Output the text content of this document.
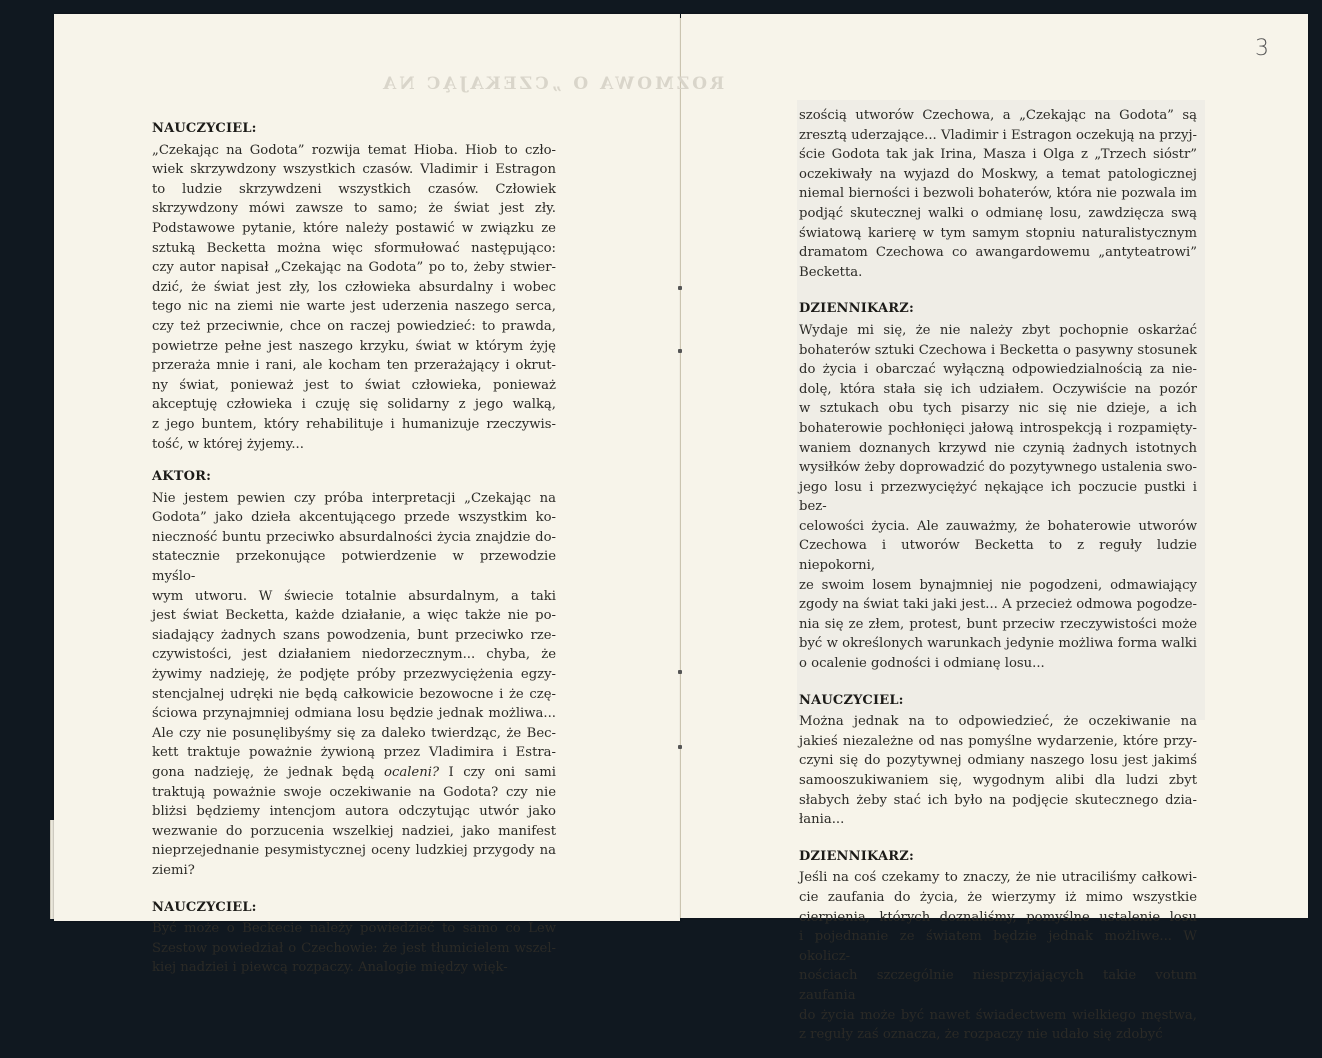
ROZMOWA O „CZEKAJĄC NA
3

NAUCZYCIEL:

„Czekając na Godota” rozwija temat Hioba. Hiob to czło-
wiek skrzywdzony wszystkich czasów. Vladimir i Estragon
to ludzie skrzywdzeni wszystkich czasów. Człowiek
skrzywdzony mówi zawsze to samo; że świat jest zły.
Podstawowe pytanie, które należy postawić w związku ze
sztuką Becketta można więc sformułować następująco:
czy autor napisał „Czekając na Godota” po to, żeby stwier-
dzić, że świat jest zły, los człowieka absurdalny i wobec
tego nic na ziemi nie warte jest uderzenia naszego serca,
czy też przeciwnie, chce on raczej powiedzieć: to prawda,
powietrze pełne jest naszego krzyku, świat w którym żyję
przeraża mnie i rani, ale kocham ten przerażający i okrut-
ny świat, ponieważ jest to świat człowieka, ponieważ
akceptuję człowieka i czuję się solidarny z jego walką,
z jego buntem, który rehabilituje i humanizuje rzeczywis-
tość, w której żyjemy...

AKTOR:

Nie jestem pewien czy próba interpretacji „Czekając na
Godota” jako dzieła akcentującego przede wszystkim ko-
nieczność buntu przeciwko absurdalności życia znajdzie do-
statecznie przekonujące potwierdzenie w przewodzie myślo-
wym utworu. W świecie totalnie absurdalnym, a taki
jest świat Becketta, każde działanie, a więc także nie po-
siadający żadnych szans powodzenia, bunt przeciwko rze-
czywistości, jest działaniem niedorzecznym... chyba, że
żywimy nadzieję, że podjęte próby przezwyciężenia egzy-
stencjalnej udręki nie będą całkowicie bezowocne i że czę-
ściowa przynajmniej odmiana losu będzie jednak możliwa...
Ale czy nie posunęlibyśmy się za daleko twierdząc, że Bec-
kett traktuje poważnie żywioną przez Vladimira i Estra-
gona nadzieję, że jednak będą ocaleni? I czy oni sami
traktują poważnie swoje oczekiwanie na Godota? czy nie
bliżsi będziemy intencjom autora odczytując utwór jako
wezwanie do porzucenia wszelkiej nadziei, jako manifest
nieprzejednanie pesymistycznej oceny ludzkiej przygody na
ziemi?

NAUCZYCIEL:

Być może o Beckecie należy powiedzieć to samo co Lew
Szestow powiedział o Czechowie: że jest tłumicielem wszel-
kiej nadziei i piewcą rozpaczy. Analogie między więk-
szością utworów Czechowa, a „Czekając na Godota” są
zresztą uderzające... Vladimir i Estragon oczekują na przyj-
ście Godota tak jak Irina, Masza i Olga z „Trzech sióstr”
oczekiwały na wyjazd do Moskwy, a temat patologicznej
niemal bierności i bezwoli bohaterów, która nie pozwala im
podjąć skutecznej walki o odmianę losu, zawdzięcza swą
światową karierę w tym samym stopniu naturalistycznym
dramatom Czechowa co awangardowemu „antyteatrowi”
Becketta.

DZIENNIKARZ:

Wydaje mi się, że nie należy zbyt pochopnie oskarżać
bohaterów sztuki Czechowa i Becketta o pasywny stosunek
do życia i obarczać wyłączną odpowiedzialnością za nie-
dolę, która stała się ich udziałem. Oczywiście na pozór
w sztukach obu tych pisarzy nic się nie dzieje, a ich
bohaterowie pochłonięci jałową introspekcją i rozpamięty-
waniem doznanych krzywd nie czynią żadnych istotnych
wysiłków żeby doprowadzić do pozytywnego ustalenia swo-
jego losu i przezwyciężyć nękające ich poczucie pustki i bez-
celowości życia. Ale zauważmy, że bohaterowie utworów
Czechowa i utworów Becketta to z reguły ludzie niepokorni,
ze swoim losem bynajmniej nie pogodzeni, odmawiający
zgody na świat taki jaki jest... A przecież odmowa pogodze-
nia się ze złem, protest, bunt przeciw rzeczywistości może
być w określonych warunkach jedynie możliwa forma walki
o ocalenie godności i odmianę losu...

NAUCZYCIEL:

Można jednak na to odpowiedzieć, że oczekiwanie na
jakieś niezależne od nas pomyślne wydarzenie, które przy-
czyni się do pozytywnej odmiany naszego losu jest jakimś
samooszukiwaniem się, wygodnym alibi dla ludzi zbyt
słabych żeby stać ich było na podjęcie skutecznego dzia-
łania...

DZIENNIKARZ:

Jeśli na coś czekamy to znaczy, że nie utraciliśmy całkowi-
cie zaufania do życia, że wierzymy iż mimo wszystkie
cierpienia, których doznaliśmy, pomyślne ustalenie losu
i pojednanie ze światem będzie jednak możliwe... W okolicz-
nościach szczególnie niesprzyjających takie votum zaufania
do życia może być nawet świadectwem wielkiego męstwa,
z reguły zaś oznacza, że rozpaczy nie udało się zdobyć
